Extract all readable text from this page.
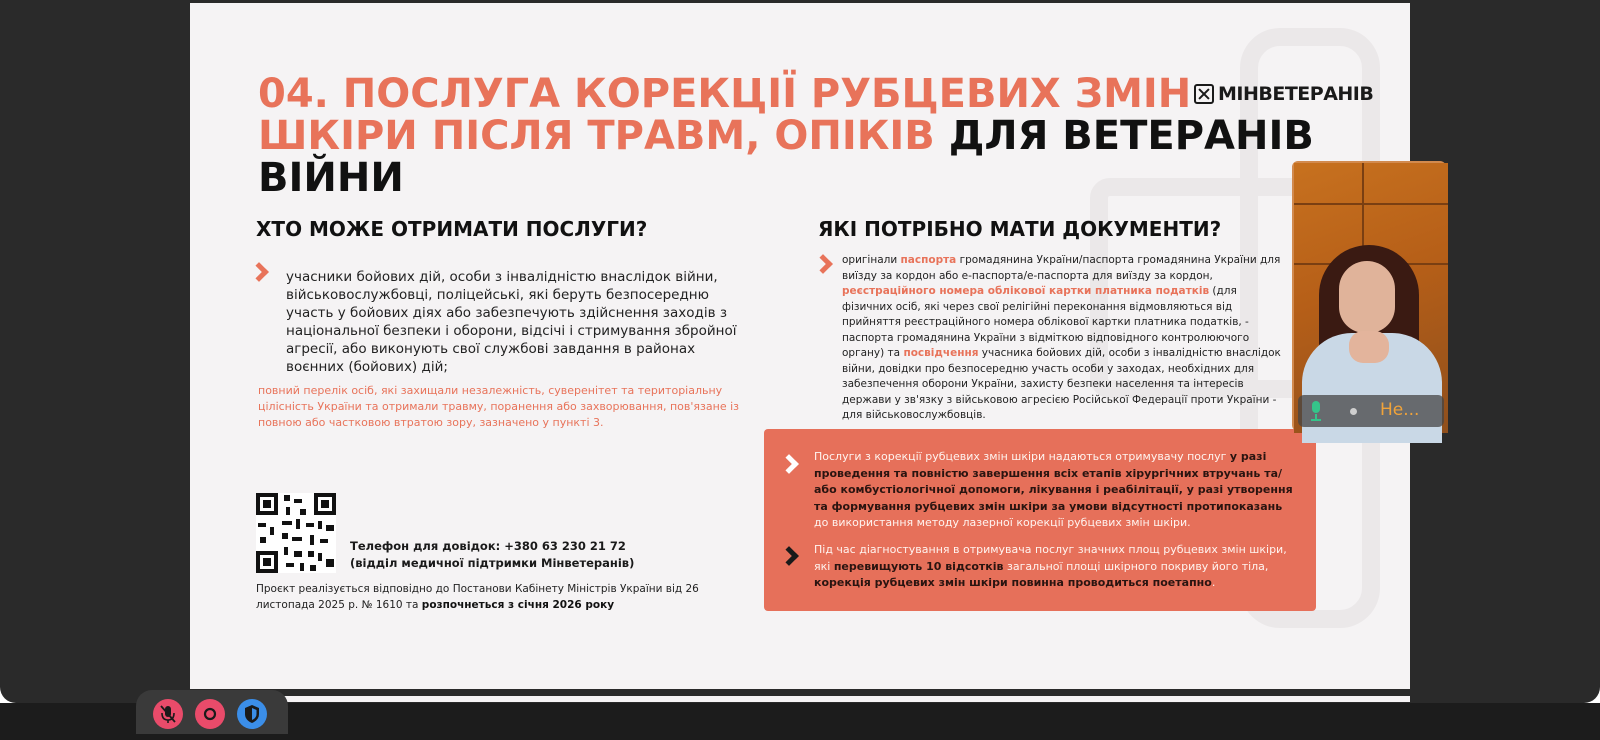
04. ПОСЛУГА КОРЕКЦІЇ РУБЦЕВИХ ЗМІН ШКІРИ ПІСЛЯ ТРАВМ, ОПІКІВ ДЛЯ ВЕТЕРАНІВ ВІЙНИ
МІНВЕТЕРАНІВ
ХТО МОЖЕ ОТРИМАТИ ПОСЛУГИ?	ЯКІ ПОТРІБНО МАТИ ДОКУМЕНТИ?
учасники бойових дій, особи з інвалідністю внаслідок війни, військовослужбовці, поліцейські, які беруть безпосередню участь у бойових діях або забезпечують здійснення заходів з національної безпеки і оборони, відсічі і стримування збройної агресії, або виконують свої службові завдання в районах воєнних (бойових) дій;
повний перелік осіб, які захищали незалежність, суверенітет та територіальну цілісність України та отримали травму, поранення або захворювання, пов'язане із повною або частковою втратою зору, зазначено у пункті 3.
оригінали паспорта громадянина України/паспорта громадянина України для виїзду за кордон або е-паспорта/е-паспорта для виїзду за кордон, реєстраційного номера облікової картки платника податків (для фізичних осіб, які через свої релігійні переконання відмовляються від прийняття реєстраційного номера облікової картки платника податків, - паспорта громадянина України з відміткою відповідного контролюючого органу) та посвідчення учасника бойових дій, особи з інвалідністю внаслідок війни, довідки про безпосередню участь особи у заходах, необхідних для забезпечення оборони України, захисту безпеки населення та інтересів держави у зв'язку з військовою агресією Російської Федерації проти України - для військовослужбовців.

Послуги з корекції рубцевих змін шкіри надаються отримувачу послуг у разі проведення та повністю завершення всіх етапів хірургічних втручань та/або комбустіологічної допомоги, лікування і реабілітації, у разі утворення та формування рубцевих змін шкіри за умови відсутності протипоказань до використання методу лазерної корекції рубцевих змін шкіри.

Під час діагностування в отримувача послуг значних площ рубцевих змін шкіри, які перевищують 10 відсотків загальної площі шкірного покриву його тіла, корекція рубцевих змін шкіри повинна проводиться поетапно.

Телефон для довідок: +380 63 230 21 72
(відділ медичної підтримки Мінветеранів)
Проєкт реалізується відповідно до Постанови Кабінету Міністрів України від 26 листопада 2025 р. № 1610 та розпочнеться з січня 2026 року
Не...
